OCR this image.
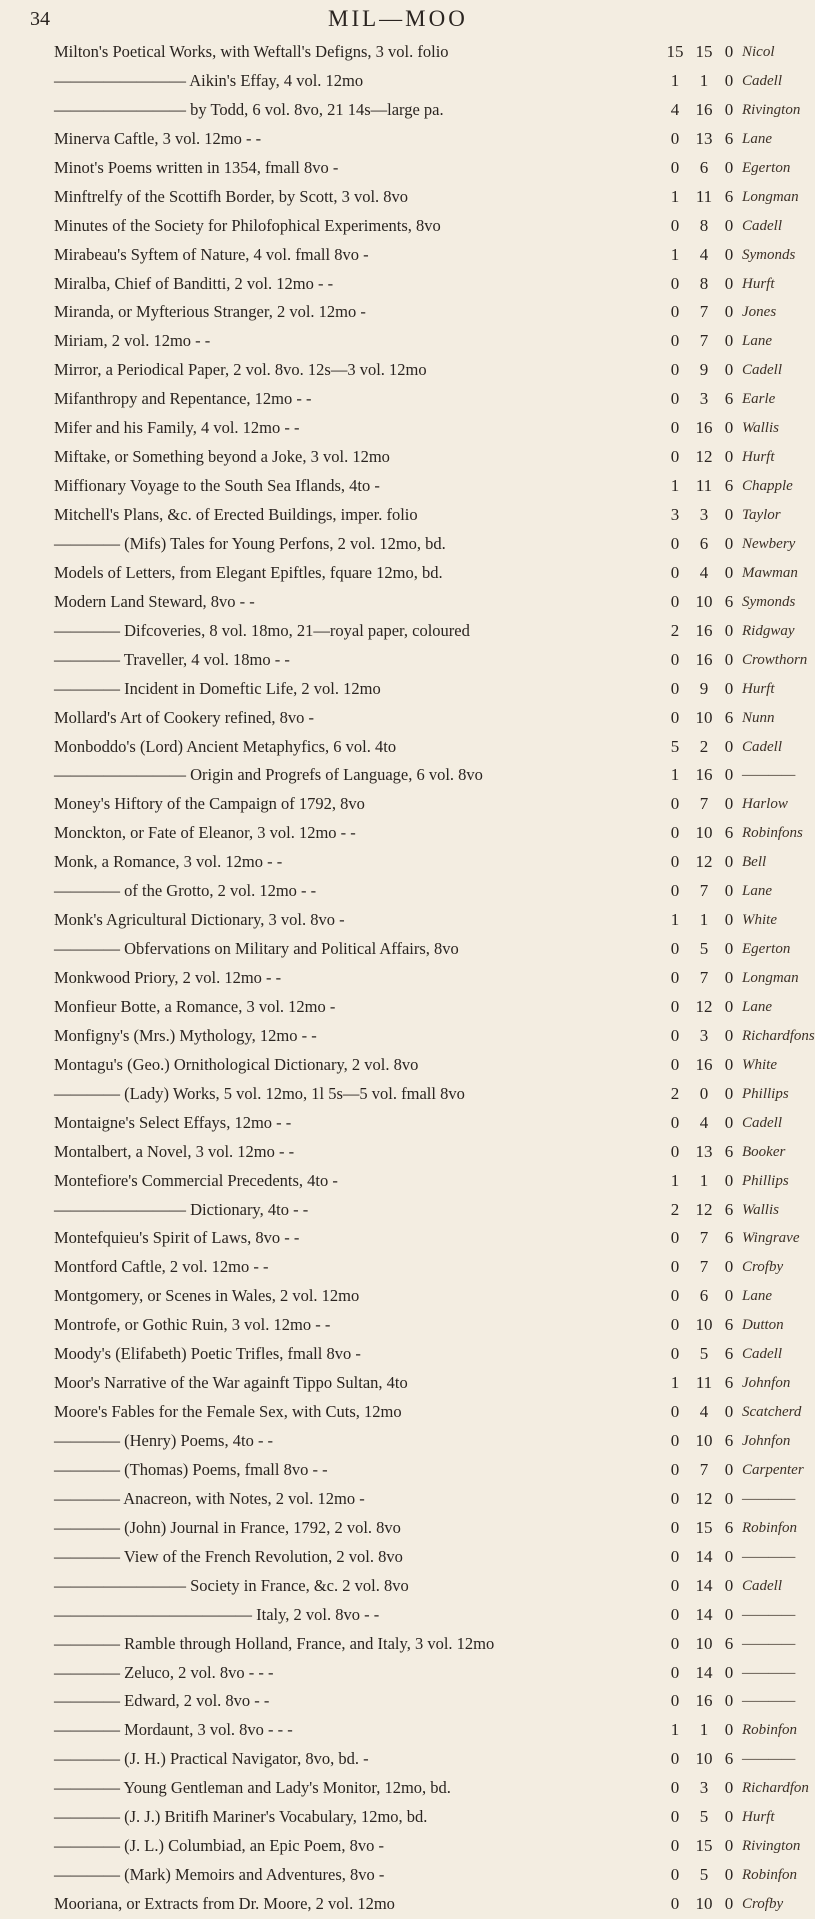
34	MIL—MOO
Milton's Poetical Works, with Weftall's Defigns, 3 vol. folio	15 15 0 Nicol
———————— Aikin's Effay, 4 vol. 12mo	1	1 0 Cadell
———————— by Todd, 6 vol. 8vo, 21 14s—large pa.	4 16 0 Rivington
Minerva Caftle, 3 vol. 12mo - -	0 13 6 Lane
Minot's Poems written in 1354, fmall 8vo -	0	6 0 Egerton
Minftrelfy of the Scottifh Border, by Scott, 3 vol. 8vo	1 11 6 Longman
Minutes of the Society for Philofophical Experiments, 8vo	0	8 0 Cadell
Mirabeau's Syftem of Nature, 4 vol. fmall 8vo -	1	4 0 Symonds
Miralba, Chief of Banditti, 2 vol. 12mo - -	0	8 0 Hurft
Miranda, or Myfterious Stranger, 2 vol. 12mo -	0	7 0 Jones
Miriam, 2 vol. 12mo - -	0	7 0 Lane
Mirror, a Periodical Paper, 2 vol. 8vo. 12s—3 vol. 12mo	0	9 0 Cadell
Mifanthropy and Repentance, 12mo - -	0	3 6 Earle
Mifer and his Family, 4 vol. 12mo - -	0 16 0 Wallis
Miftake, or Something beyond a Joke, 3 vol. 12mo	0 12 0 Hurft
Miffionary Voyage to the South Sea Iflands, 4to -	1 11 6 Chapple
Mitchell's Plans, &c. of Erected Buildings, imper. folio	3	3 0 Taylor
———— (Mifs) Tales for Young Perfons, 2 vol. 12mo, bd.	0	6 0 Newbery
Models of Letters, from Elegant Epiftles, fquare 12mo, bd.	0	4 0 Mawman
Modern Land Steward, 8vo - -	0 10 6 Symonds
———— Difcoveries, 8 vol. 18mo, 21—royal paper, coloured	2 16 0 Ridgway
———— Traveller, 4 vol. 18mo - -	0 16 0 Crowthorn
———— Incident in Domeftic Life, 2 vol. 12mo	0	9 0 Hurft
Mollard's Art of Cookery refined, 8vo -	0 10 6 Nunn
Monboddo's (Lord) Ancient Metaphyfics, 6 vol. 4to	5	2 0 Cadell
———————— Origin and Progrefs of Language, 6 vol. 8vo	1 16 0 ————
Money's Hiftory of the Campaign of 1792, 8vo	0	7 0 Harlow
Monckton, or Fate of Eleanor, 3 vol. 12mo - -	0 10 6 Robinfons
Monk, a Romance, 3 vol. 12mo - -	0 12 0 Bell
———— of the Grotto, 2 vol. 12mo - -	0	7 0 Lane
Monk's Agricultural Dictionary, 3 vol. 8vo -	1	1 0 White
———— Obfervations on Military and Political Affairs, 8vo	0	5 0 Egerton
Monkwood Priory, 2 vol. 12mo - -	0	7 0 Longman
Monfieur Botte, a Romance, 3 vol. 12mo -	0 12 0 Lane
Monfigny's (Mrs.) Mythology, 12mo - -	0	3 0 Richardfons
Montagu's (Geo.) Ornithological Dictionary, 2 vol. 8vo	0 16 0 White
———— (Lady) Works, 5 vol. 12mo, 1l 5s—5 vol. fmall 8vo	2	0 0 Phillips
Montaigne's Select Effays, 12mo - -	0	4 0 Cadell
Montalbert, a Novel, 3 vol. 12mo - -	0 13 6 Booker
Montefiore's Commercial Precedents, 4to -	1	1 0 Phillips
———————— Dictionary, 4to - -	2 12 6 Wallis
Montefquieu's Spirit of Laws, 8vo - -	0	7 6 Wingrave
Montford Caftle, 2 vol. 12mo - -	0	7 0 Crofby
Montgomery, or Scenes in Wales, 2 vol. 12mo	0	6 0 Lane
Montrofe, or Gothic Ruin, 3 vol. 12mo - -	0 10 6 Dutton
Moody's (Elifabeth) Poetic Trifles, fmall 8vo -	0	5 6 Cadell
Moor's Narrative of the War againft Tippo Sultan, 4to	1 11 6 Johnfon
Moore's Fables for the Female Sex, with Cuts, 12mo	0	4 0 Scatcherd
———— (Henry) Poems, 4to - -	0 10 6 Johnfon
———— (Thomas) Poems, fmall 8vo - -	0	7 0 Carpenter
———— Anacreon, with Notes, 2 vol. 12mo -	0 12 0 ————
———— (John) Journal in France, 1792, 2 vol. 8vo	0 15 6 Robinfon
———— View of the French Revolution, 2 vol. 8vo	0 14 0 ————
———————— Society in France, &c. 2 vol. 8vo	0 14 0 Cadell
———————————— Italy, 2 vol. 8vo - -	0 14 0 ————
———— Ramble through Holland, France, and Italy, 3 vol. 12mo	0 10 6 ————
———— Zeluco, 2 vol. 8vo - - -	0 14 0 ————
———— Edward, 2 vol. 8vo - -	0 16 0 ————
———— Mordaunt, 3 vol. 8vo - - -	1	1 0 Robinfon
———— (J. H.) Practical Navigator, 8vo, bd. -	0 10 6 ————
———— Young Gentleman and Lady's Monitor, 12mo, bd.	0	3 0 Richardfon
———— (J. J.) Britifh Mariner's Vocabulary, 12mo, bd.	0	5 0 Hurft
———— (J. L.) Columbiad, an Epic Poem, 8vo -	0 15 0 Rivington
———— (Mark) Memoirs and Adventures, 8vo -	0	5 0 Robinfon
Mooriana, or Extracts from Dr. Moore, 2 vol. 12mo	0 10 0 Crofby
